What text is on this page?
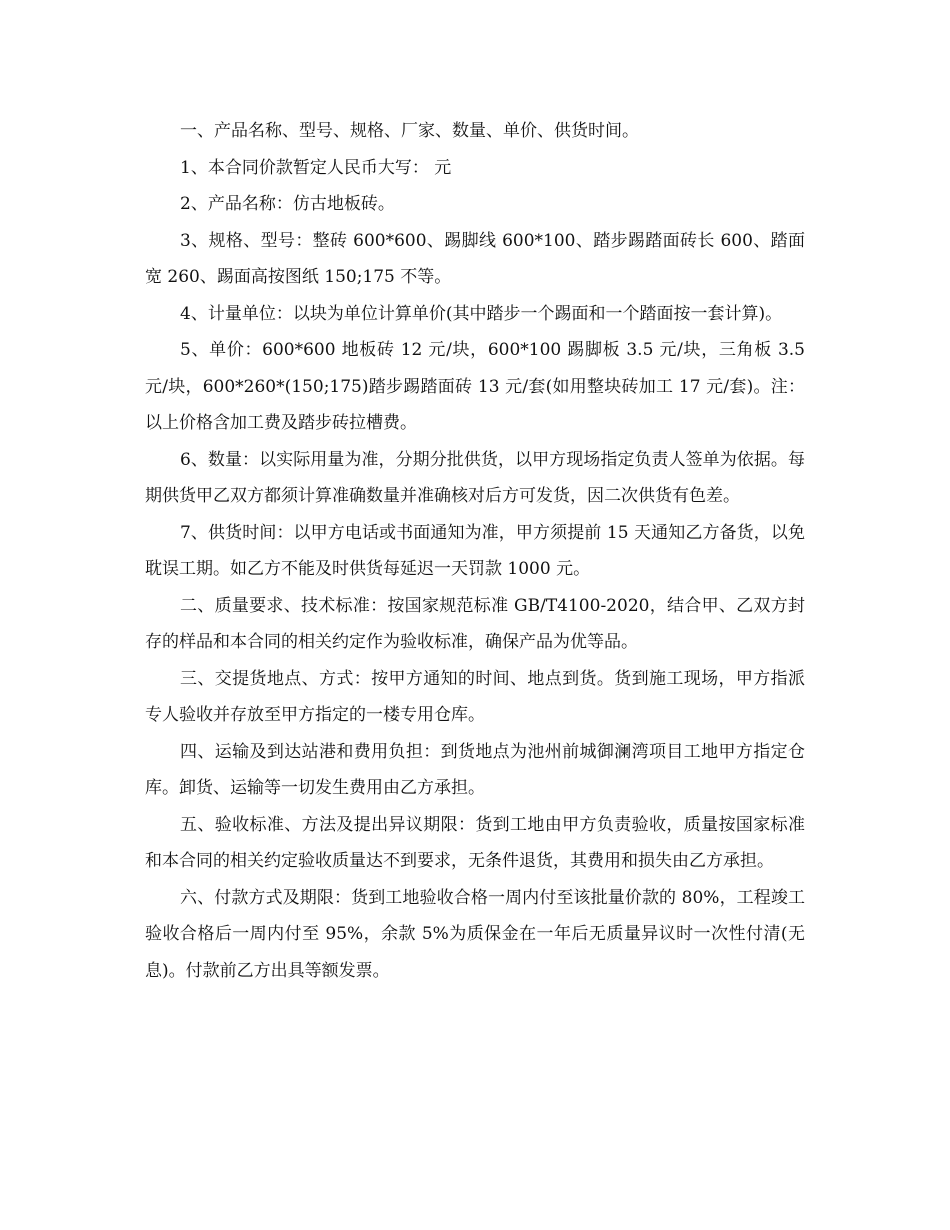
一、产品名称、型号、规格、厂家、数量、单价、供货时间。

1、本合同价款暂定人民币大写： 元

2、产品名称：仿古地板砖。

3、规格、型号：整砖 600*600、踢脚线 600*100、踏步踢踏面砖长 600、踏面宽 260、踢面高按图纸 150;175 不等。

4、计量单位：以块为单位计算单价(其中踏步一个踢面和一个踏面按一套计算)。

5、单价：600*600 地板砖 12 元/块，600*100 踢脚板 3.5 元/块，三角板 3.5 元/块，600*260*(150;175)踏步踢踏面砖 13 元/套(如用整块砖加工 17 元/套)。注：以上价格含加工费及踏步砖拉槽费。

6、数量：以实际用量为准，分期分批供货，以甲方现场指定负责人签单为依据。每期供货甲乙双方都须计算准确数量并准确核对后方可发货，因二次供货有色差。

7、供货时间：以甲方电话或书面通知为准，甲方须提前 15 天通知乙方备货，以免耽误工期。如乙方不能及时供货每延迟一天罚款 1000 元。

二、质量要求、技术标准：按国家规范标准 GB/T4100-2020，结合甲、乙双方封存的样品和本合同的相关约定作为验收标准，确保产品为优等品。

三、交提货地点、方式：按甲方通知的时间、地点到货。货到施工现场，甲方指派专人验收并存放至甲方指定的一楼专用仓库。

四、运输及到达站港和费用负担：到货地点为池州前城御澜湾项目工地甲方指定仓库。卸货、运输等一切发生费用由乙方承担。

五、验收标准、方法及提出异议期限：货到工地由甲方负责验收，质量按国家标准和本合同的相关约定验收质量达不到要求，无条件退货，其费用和损失由乙方承担。

六、付款方式及期限：货到工地验收合格一周内付至该批量价款的 80%，工程竣工验收合格后一周内付至 95%，余款 5%为质保金在一年后无质量异议时一次性付清(无息)。付款前乙方出具等额发票。
